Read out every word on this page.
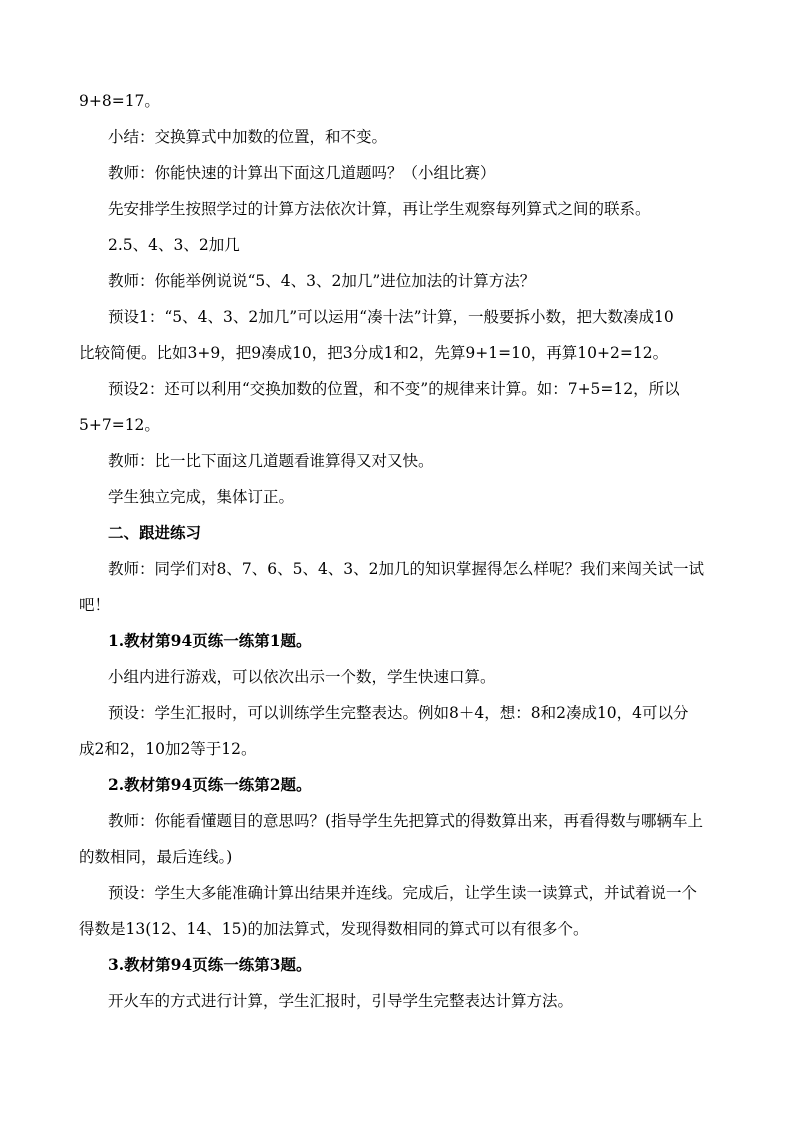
9+8=17。
小结：交换算式中加数的位置，和不变。
教师：你能快速的计算出下面这几道题吗？（小组比赛）
先安排学生按照学过的计算方法依次计算，再让学生观察每列算式之间的联系。
2.5、4、3、2加几
教师：你能举例说说“5、4、3、2加几”进位加法的计算方法？
预设1：“5、4、3、2加几”可以运用“凑十法”计算，一般要拆小数，把大数凑成10
比较简便。比如3+9，把9凑成10，把3分成1和2，先算9+1=10，再算10+2=12。
预设2：还可以利用“交换加数的位置，和不变”的规律来计算。如：7+5=12，所以
5+7=12。
教师：比一比下面这几道题看谁算得又对又快。
学生独立完成，集体订正。
二、跟进练习
教师：同学们对8、7、6、5、4、3、2加几的知识掌握得怎么样呢？我们来闯关试一试
吧！
1.教材第94页练一练第1题。
小组内进行游戏，可以依次出示一个数，学生快速口算。
预设：学生汇报时，可以训练学生完整表达。例如8＋4，想：8和2凑成10，4可以分
成2和2，10加2等于12。
2.教材第94页练一练第2题。
教师：你能看懂题目的意思吗？(指导学生先把算式的得数算出来，再看得数与哪辆车上
的数相同，最后连线。)
预设：学生大多能准确计算出结果并连线。完成后，让学生读一读算式，并试着说一个
得数是13(12、14、15)的加法算式，发现得数相同的算式可以有很多个。
3.教材第94页练一练第3题。
开火车的方式进行计算，学生汇报时，引导学生完整表达计算方法。
